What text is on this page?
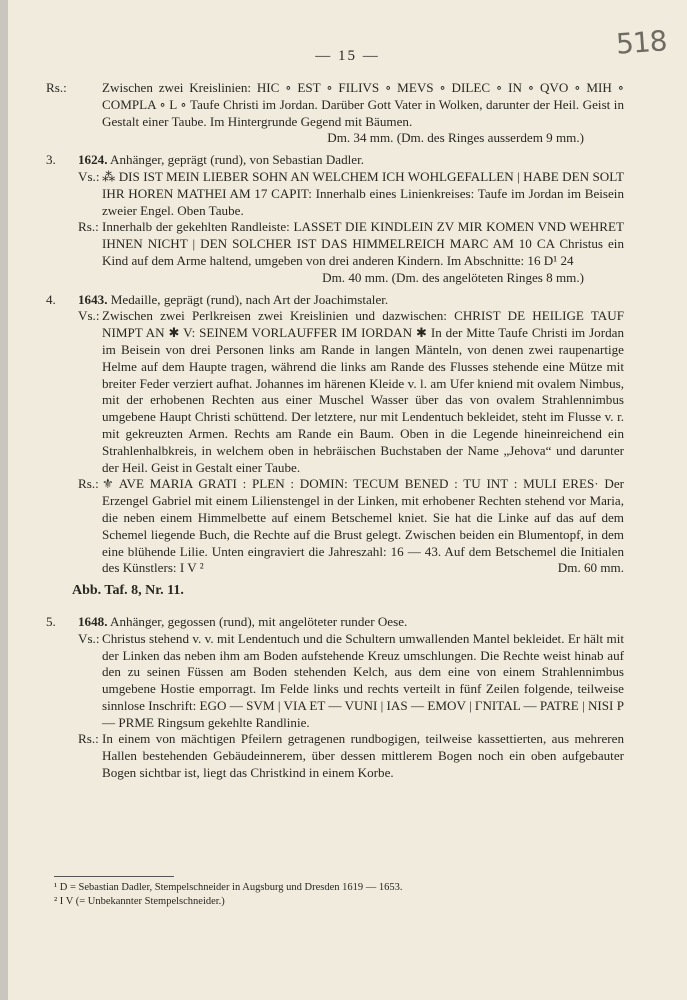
518
— 15 —

Rs.:	Zwischen zwei Kreislinien: HIC ∘ EST ∘ FILIVS ∘ MEVS ∘ DILEC ∘ IN ∘ QVO ∘ MIH ∘ COMPLA ∘ L ∘ Taufe Christi im Jordan. Darüber Gott Vater in Wolken, darunter der Heil. Geist in Gestalt einer Taube. Im Hintergrunde Gegend mit Bäumen.

Dm. 34 mm. (Dm. des Ringes ausserdem 9 mm.)

3. 1624. Anhänger, geprägt (rund), von Sebastian Dadler.

Vs.: ⁂ DIS IST MEIN LIEBER SOHN AN WELCHEM ICH WOHLGEFALLEN | HABE DEN SOLT IHR HOREN MATHEI AM 17 CAPIT: Innerhalb eines Linienkreises: Taufe im Jordan im Beisein zweier Engel. Oben Taube.

Rs.: Innerhalb der gekehlten Randleiste: LASSET DIE KINDLEIN ZV MIR KOMEN VND WEHRET IHNEN NICHT | DEN SOLCHER IST DAS HIMMELREICH MARC AM 10 CA Christus ein Kind auf dem Arme haltend, umgeben von drei anderen Kindern. Im Abschnitte: 16 D¹ 24

Dm. 40 mm. (Dm. des angelöteten Ringes 8 mm.)

4. 1643. Medaille, geprägt (rund), nach Art der Joachimstaler.

Vs.: Zwischen zwei Perlkreisen zwei Kreislinien und dazwischen: CHRIST DE HEILIGE TAUF NIMPT AN ✱ V: SEINEM VORLAUFFER IM IORDAN ✱ In der Mitte Taufe Christi im Jordan im Beisein von drei Personen links am Rande in langen Mänteln, von denen zwei raupenartige Helme auf dem Haupte tragen, während die links am Rande des Flusses stehende eine Mütze mit breiter Feder verziert aufhat. Johannes im härenen Kleide v. l. am Ufer kniend mit ovalem Nimbus, mit der erhobenen Rechten aus einer Muschel Wasser über das von ovalem Strahlennimbus umgebene Haupt Christi schüttend. Der letztere, nur mit Lendentuch bekleidet, steht im Flusse v. r. mit gekreuzten Armen. Rechts am Rande ein Baum. Oben in die Legende hineinreichend ein Strahlenhalbkreis, in welchem oben in hebräischen Buchstaben der Name „Jehova“ und darunter der Heil. Geist in Gestalt einer Taube.

Rs.: ⚜ AVE MARIA GRATI : PLEN : DOMIN: TECUM BENED : TU INT : MULI ERES· Der Erzengel Gabriel mit einem Lilienstengel in der Linken, mit erhobener Rechten stehend vor Maria, die neben einem Himmelbette auf einem Betschemel kniet. Sie hat die Linke auf das auf dem Schemel liegende Buch, die Rechte auf die Brust gelegt. Zwischen beiden ein Blumentopf, in dem eine blühende Lilie. Unten eingraviert die Jahreszahl: 16 — 43. Auf dem Betschemel die Initialen des Künstlers: I V ²	Dm. 60 mm.

Abb. Taf. 8, Nr. 11.

5. 1648. Anhänger, gegossen (rund), mit angelöteter runder Oese.

Vs.: Christus stehend v. v. mit Lendentuch und die Schultern umwallenden Mantel bekleidet. Er hält mit der Linken das neben ihm am Boden aufstehende Kreuz umschlungen. Die Rechte weist hinab auf den zu seinen Füssen am Boden stehenden Kelch, aus dem eine von einem Strahlennimbus umgebene Hostie emporragt. Im Felde links und rechts verteilt in fünf Zeilen folgende, teilweise sinnlose Inschrift: EGO — SVM | VIA ET — VUNI | IAS — EMOV | ΓNITAL — PATRE | NISI P — PRME Ringsum gekehlte Randlinie.

Rs.: In einem von mächtigen Pfeilern getragenen rundbogigen, teilweise kassettierten, aus mehreren Hallen bestehenden Gebäudeinnerem, über dessen mittlerem Bogen noch ein oben aufgebauter Bogen sichtbar ist, liegt das Christkind in einem Korbe.

¹ D = Sebastian Dadler, Stempelschneider in Augsburg und Dresden 1619 — 1653.
² I V (= Unbekannter Stempelschneider.)
